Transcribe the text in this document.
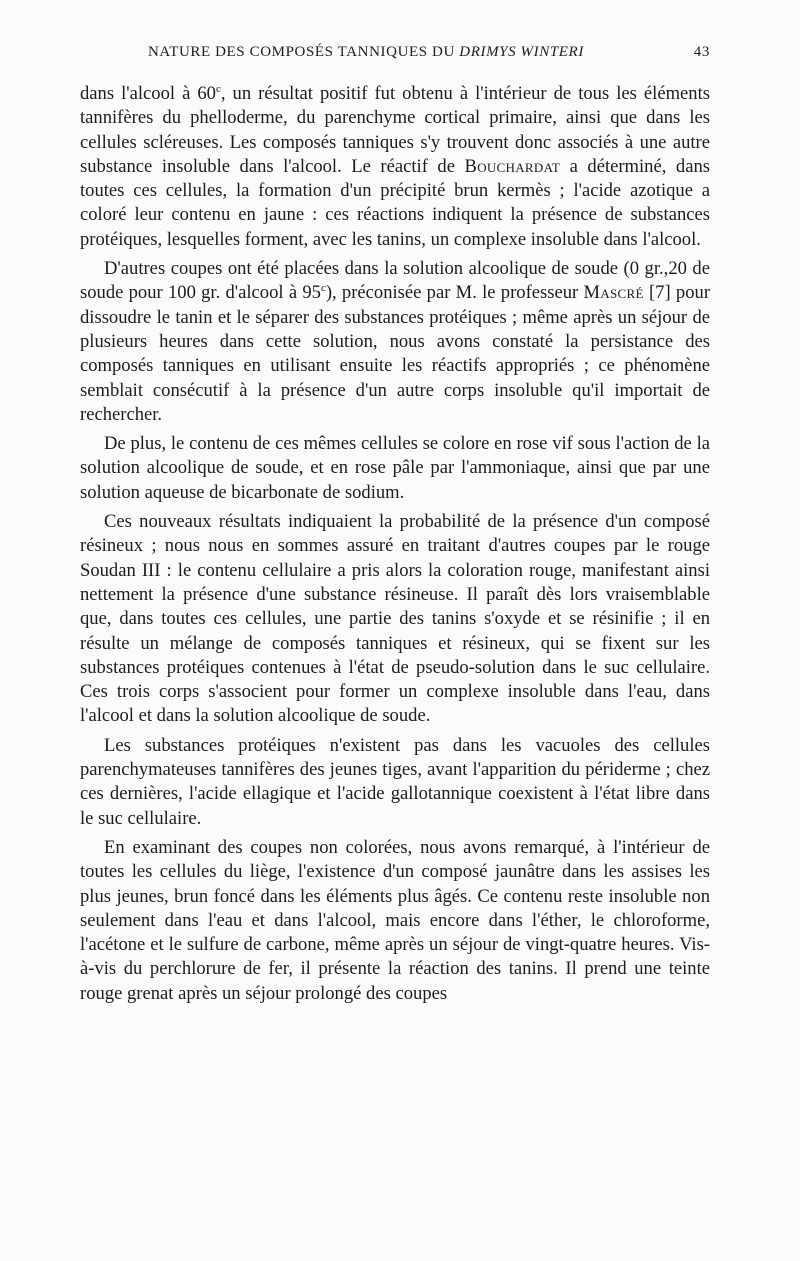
NATURE DES COMPOSÉS TANNIQUES DU DRIMYS WINTERI	43

dans l'alcool à 60$^c$, un résultat positif fut obtenu à l'intérieur de tous les éléments tannifères du phelloderme, du parenchyme cortical primaire, ainsi que dans les cellules scléreuses. Les composés tanniques s'y trouvent donc associés à une autre substance insoluble dans l'alcool. Le réactif de Bouchardat a déterminé, dans toutes ces cellules, la formation d'un précipité brun kermès ; l'acide azotique a coloré leur contenu en jaune : ces réactions indiquent la présence de substances protéiques, lesquelles forment, avec les tanins, un complexe insoluble dans l'alcool.

D'autres coupes ont été placées dans la solution alcoolique de soude (0 gr.,20 de soude pour 100 gr. d'alcool à 95$^c$), préconisée par M. le professeur Mascré [7] pour dissoudre le tanin et le séparer des substances protéiques ; même après un séjour de plusieurs heures dans cette solution, nous avons constaté la persistance des composés tanniques en utilisant ensuite les réactifs appropriés ; ce phénomène semblait consécutif à la présence d'un autre corps insoluble qu'il importait de rechercher.

De plus, le contenu de ces mêmes cellules se colore en rose vif sous l'action de la solution alcoolique de soude, et en rose pâle par l'ammoniaque, ainsi que par une solution aqueuse de bicarbonate de sodium.

Ces nouveaux résultats indiquaient la probabilité de la présence d'un composé résineux ; nous nous en sommes assuré en traitant d'autres coupes par le rouge Soudan III : le contenu cellulaire a pris alors la coloration rouge, manifestant ainsi nettement la présence d'une substance résineuse. Il paraît dès lors vraisemblable que, dans toutes ces cellules, une partie des tanins s'oxyde et se résinifie ; il en résulte un mélange de composés tanniques et résineux, qui se fixent sur les substances protéiques contenues à l'état de pseudo-solution dans le suc cellulaire. Ces trois corps s'associent pour former un complexe insoluble dans l'eau, dans l'alcool et dans la solution alcoolique de soude.

Les substances protéiques n'existent pas dans les vacuoles des cellules parenchymateuses tannifères des jeunes tiges, avant l'apparition du périderme ; chez ces dernières, l'acide ellagique et l'acide gallotannique coexistent à l'état libre dans le suc cellulaire.

En examinant des coupes non colorées, nous avons remarqué, à l'intérieur de toutes les cellules du liège, l'existence d'un composé jaunâtre dans les assises les plus jeunes, brun foncé dans les éléments plus âgés. Ce contenu reste insoluble non seulement dans l'eau et dans l'alcool, mais encore dans l'éther, le chloroforme, l'acétone et le sulfure de carbone, même après un séjour de vingt-quatre heures. Vis-à-vis du perchlorure de fer, il présente la réaction des tanins. Il prend une teinte rouge grenat après un séjour prolongé des coupes
